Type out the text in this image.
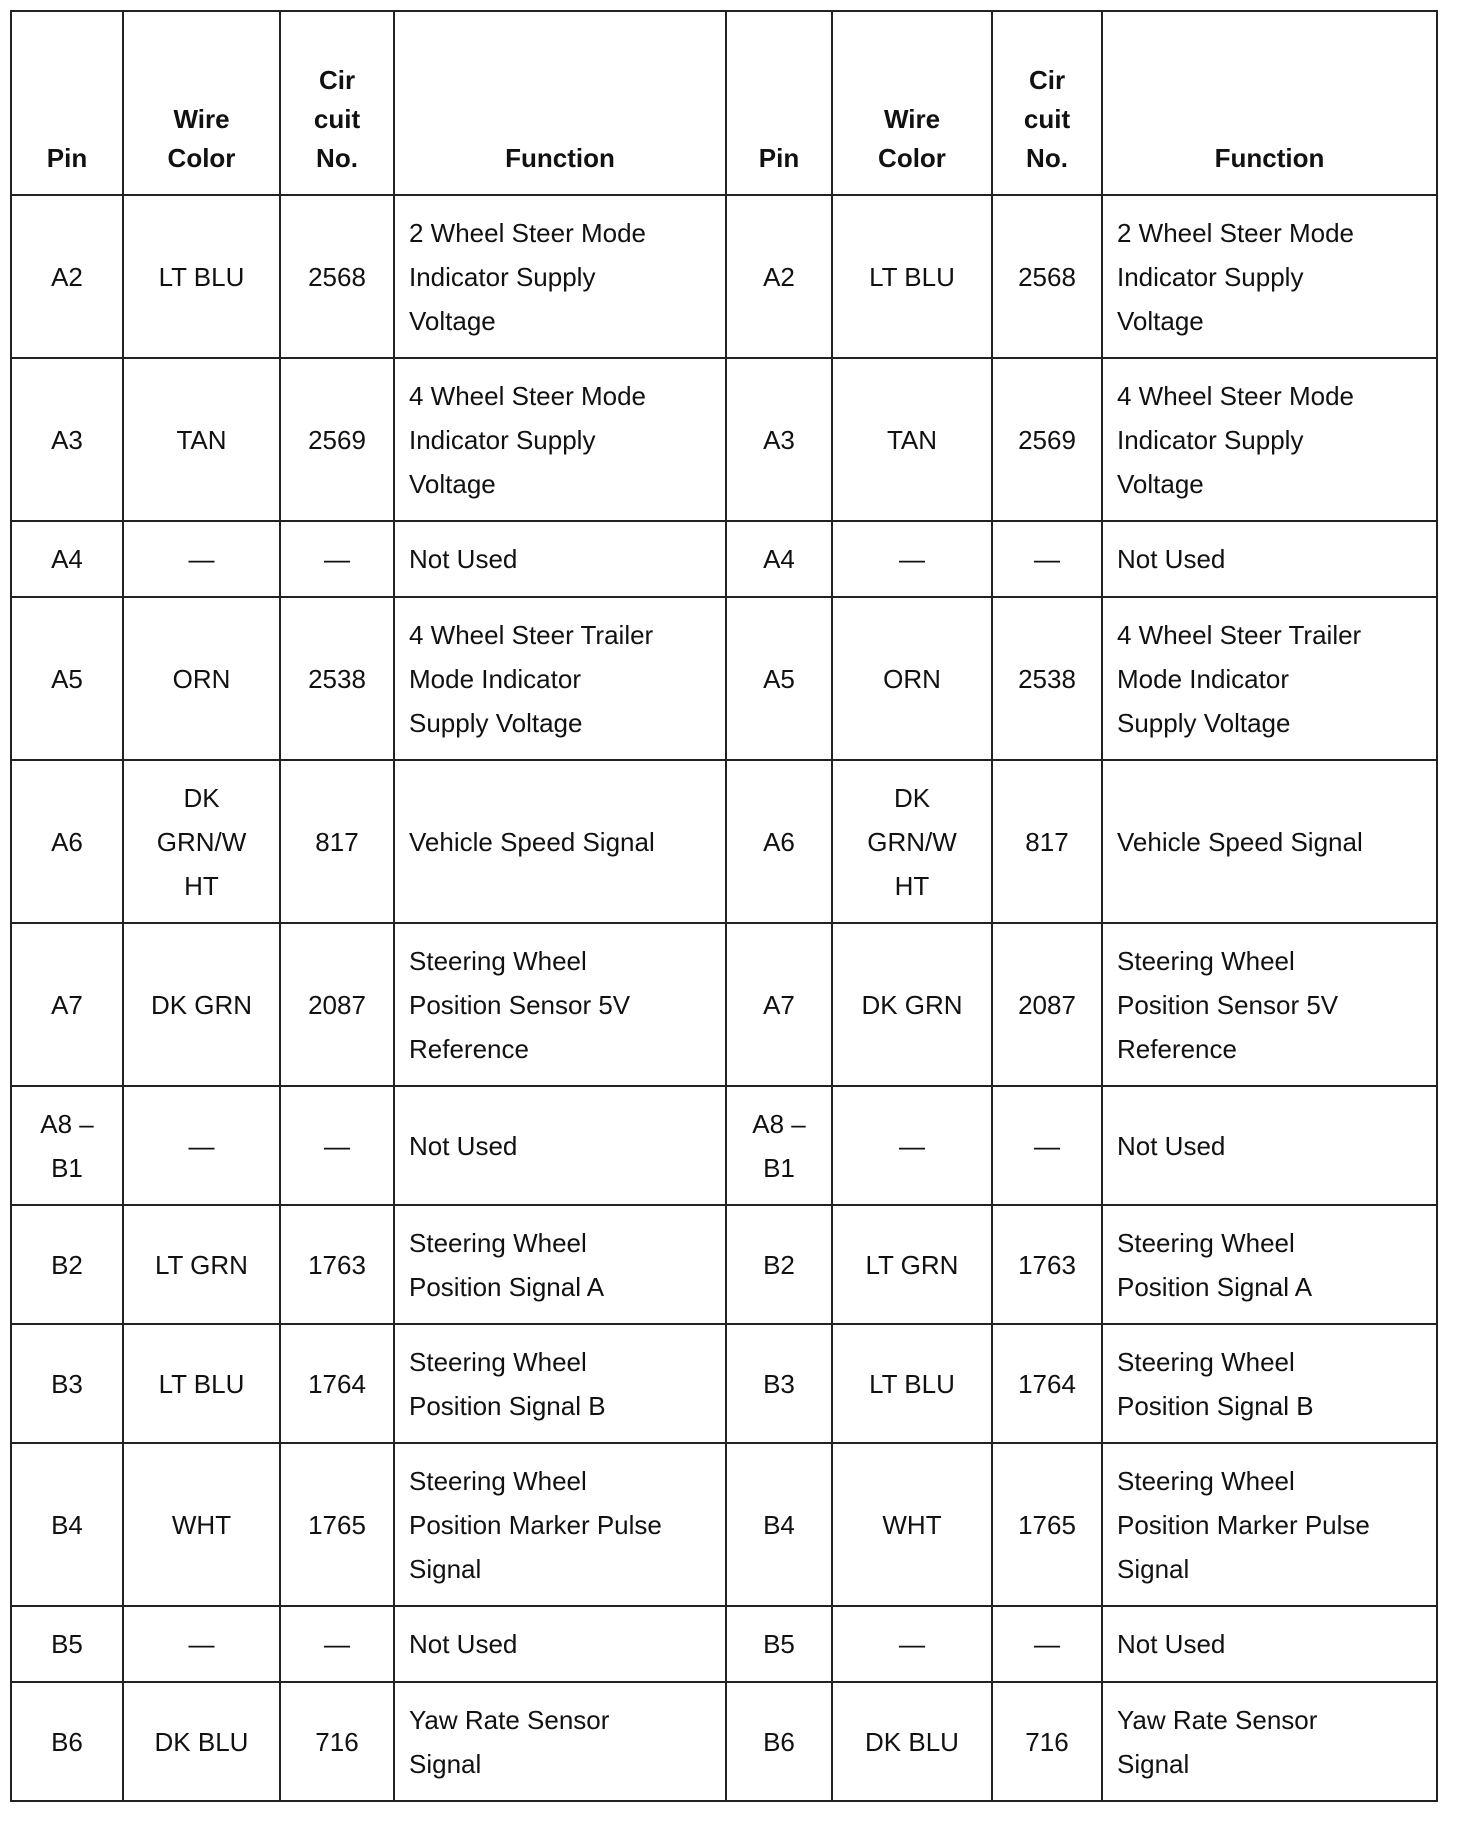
Pin	Wire
Color	Cir
cuit
No.	Function	Pin	Wire
Color	Cir
cuit
No.	Function

A2	LT BLU	2568	2 Wheel Steer Mode
Indicator Supply
Voltage	A2	LT BLU	2568	2 Wheel Steer Mode
Indicator Supply
Voltage

A3	TAN	2569	4 Wheel Steer Mode
Indicator Supply
Voltage	A3	TAN	2569	4 Wheel Steer Mode
Indicator Supply
Voltage

A4	—	—	Not Used	A4	—	—	Not Used

A5	ORN	2538	4 Wheel Steer Trailer
Mode Indicator
Supply Voltage	A5	ORN	2538	4 Wheel Steer Trailer
Mode Indicator
Supply Voltage

A6	DK
GRN/W
HT	817	Vehicle Speed Signal	A6	DK
GRN/W
HT	817	Vehicle Speed Signal

A7	DK GRN	2087	Steering Wheel
Position Sensor 5V
Reference	A7	DK GRN	2087	Steering Wheel
Position Sensor 5V
Reference

A8 –
B1	—	—	Not Used	A8 –
B1	—	—	Not Used

B2	LT GRN	1763	Steering Wheel
Position Signal A	B2	LT GRN	1763	Steering Wheel
Position Signal A

B3	LT BLU	1764	Steering Wheel
Position Signal B	B3	LT BLU	1764	Steering Wheel
Position Signal B

B4	WHT	1765	Steering Wheel
Position Marker Pulse
Signal	B4	WHT	1765	Steering Wheel
Position Marker Pulse
Signal

B5	—	—	Not Used	B5	—	—	Not Used

B6	DK BLU	716	Yaw Rate Sensor
Signal	B6	DK BLU	716	Yaw Rate Sensor
Signal
